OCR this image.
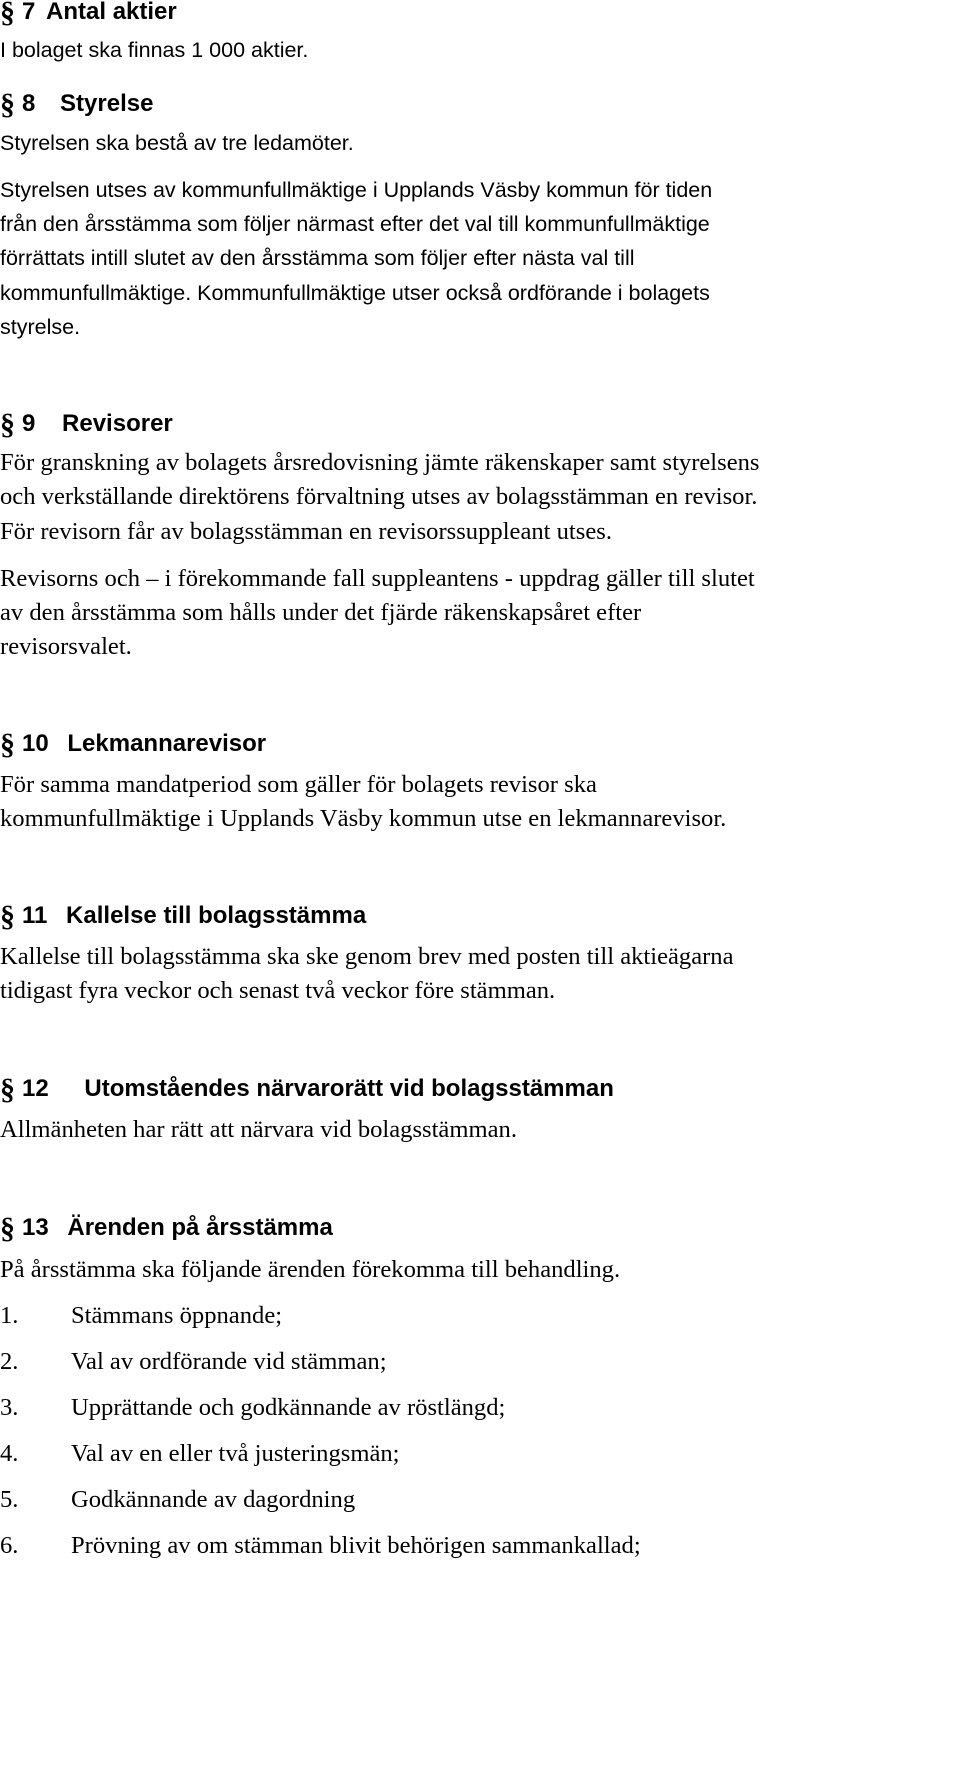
§ 7 Antal aktier
I bolaget ska finnas 1 000 aktier.
§ 8 Styrelse
Styrelsen ska bestå av tre ledamöter.
Styrelsen utses av kommunfullmäktige i Upplands Väsby kommun för tiden
från den årsstämma som följer närmast efter det val till kommunfullmäktige
förrättats intill slutet av den årsstämma som följer efter nästa val till
kommunfullmäktige. Kommunfullmäktige utser också ordförande i bolagets
styrelse.
§ 9 Revisorer
För granskning av bolagets årsredovisning jämte räkenskaper samt styrelsens
och verkställande direktörens förvaltning utses av bolagsstämman en revisor.
För revisorn får av bolagsstämman en revisorssuppleant utses.
Revisorns och – i förekommande fall suppleantens - uppdrag gäller till slutet
av den årsstämma som hålls under det fjärde räkenskapsåret efter
revisorsvalet.
§ 10 Lekmannarevisor
För samma mandatperiod som gäller för bolagets revisor ska
kommunfullmäktige i Upplands Väsby kommun utse en lekmannarevisor.
§ 11 Kallelse till bolagsstämma
Kallelse till bolagsstämma ska ske genom brev med posten till aktieägarna
tidigast fyra veckor och senast två veckor före stämman.
§ 12 Utomståendes närvarorätt vid bolagsstämman
Allmänheten har rätt att närvara vid bolagsstämman.
§ 13 Ärenden på årsstämma
På årsstämma ska följande ärenden förekomma till behandling.
1. Stämmans öppnande;
2. Val av ordförande vid stämman;
3. Upprättande och godkännande av röstlängd;
4. Val av en eller två justeringsmän;
5. Godkännande av dagordning
6. Prövning av om stämman blivit behörigen sammankallad;
